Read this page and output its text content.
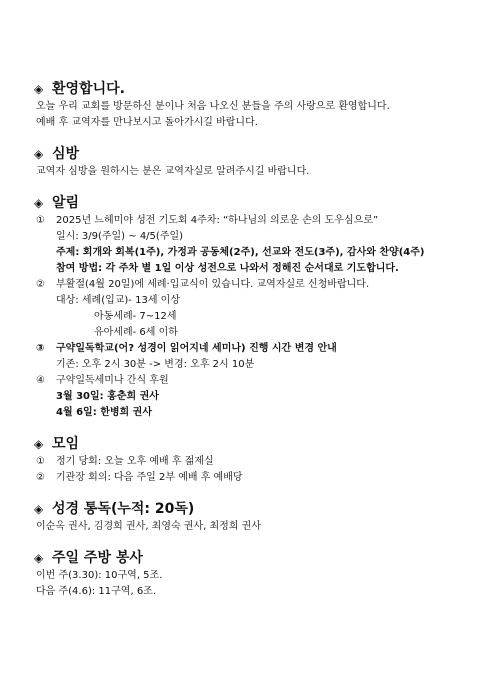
◈ 환영합니다.
오늘 우리 교회를 방문하신 분이나 처음 나오신 분들을 주의 사랑으로 환영합니다.
예배 후 교역자를 만나보시고 돌아가시길 바랍니다.
◈ 심방
교역자 심방을 원하시는 분은 교역자실로 알려주시길 바랍니다.
◈ 알림
①	2025년 느헤미야 성전 기도회 4주차: “하나님의 의로운 손의 도우심으로”
일시: 3/9(주일) ~ 4/5(주일)
주제: 회개와 회복(1주), 가정과 공동체(2주), 선교와 전도(3주), 감사와 찬양(4주)
참여 방법: 각 주차 별 1일 이상 성전으로 나와서 정해진 순서대로 기도합니다.
②	부활절(4월 20일)에 세례·입교식이 있습니다. 교역자실로 신청바랍니다.
대상: 세례(입교)- 13세 이상
아동세례- 7~12세
유아세례- 6세 이하
③	구약일독학교(어? 성경이 읽어지네 세미나) 진행 시간 변경 안내
기존: 오후 2시 30분 -> 변경: 오후 2시 10분
④	구약일독세미나 간식 후원
3월 30일: 홍춘희 권사
4월 6일: 한병희 권사
◈ 모임
①	정기 당회: 오늘 오후 예배 후 젊제실
②	기관장 회의: 다음 주일 2부 예배 후 예배당
◈ 성경 통독(누적: 20독)
이순옥 권사, 김경희 권사, 최영숙 권사, 최정희 권사
◈ 주일 주방 봉사
이번 주(3.30): 10구역, 5조.
다음 주(4.6): 11구역, 6조.
